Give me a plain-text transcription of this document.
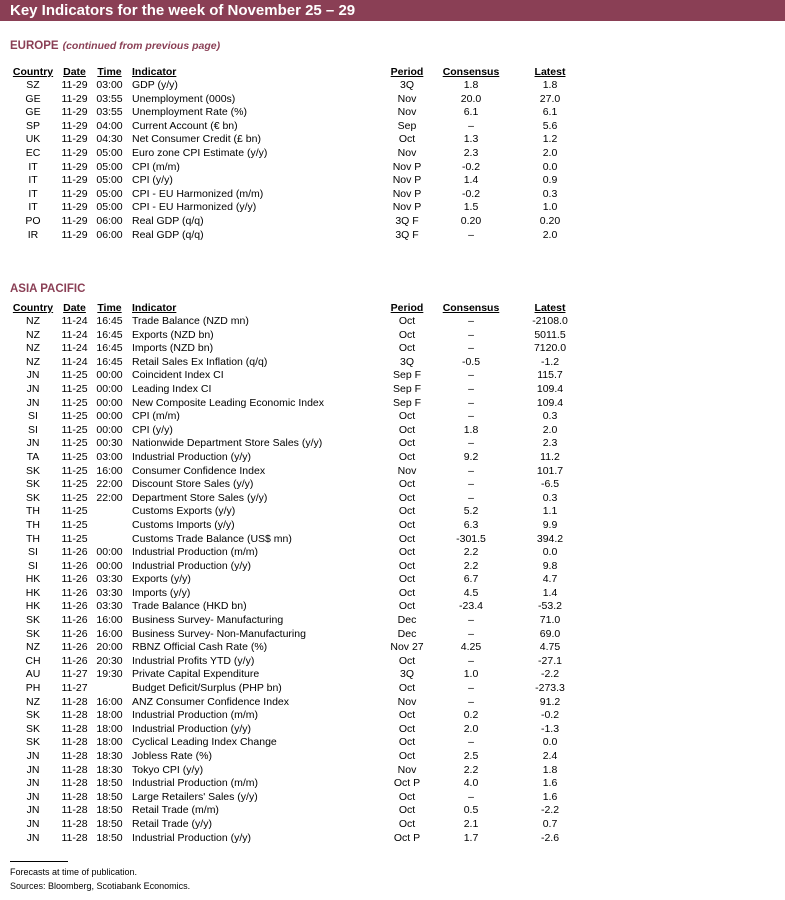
Key Indicators for the week of November 25 – 29
EUROPE (continued from previous page)
Country	Date	Time	Indicator	Period	Consensus	Latest
SZ	11-29	03:00	GDP (y/y)	3Q	1.8	1.8
GE	11-29	03:55	Unemployment (000s)	Nov	20.0	27.0
GE	11-29	03:55	Unemployment Rate (%)	Nov	6.1	6.1
SP	11-29	04:00	Current Account (€ bn)	Sep	–	5.6
UK	11-29	04:30	Net Consumer Credit (£ bn)	Oct	1.3	1.2
EC	11-29	05:00	Euro zone CPI Estimate (y/y)	Nov	2.3	2.0
IT	11-29	05:00	CPI (m/m)	Nov P	-0.2	0.0
IT	11-29	05:00	CPI (y/y)	Nov P	1.4	0.9
IT	11-29	05:00	CPI - EU Harmonized (m/m)	Nov P	-0.2	0.3
IT	11-29	05:00	CPI - EU Harmonized (y/y)	Nov P	1.5	1.0
PO	11-29	06:00	Real GDP (q/q)	3Q F	0.20	0.20
IR	11-29	06:00	Real GDP (q/q)	3Q F	–	2.0
ASIA PACIFIC
Country	Date	Time	Indicator	Period	Consensus	Latest
NZ	11-24	16:45	Trade Balance (NZD mn)	Oct	–	-2108.0
NZ	11-24	16:45	Exports (NZD bn)	Oct	–	5011.5
NZ	11-24	16:45	Imports (NZD bn)	Oct	–	7120.0
NZ	11-24	16:45	Retail Sales Ex Inflation (q/q)	3Q	-0.5	-1.2
JN	11-25	00:00	Coincident Index CI	Sep F	–	115.7
JN	11-25	00:00	Leading Index CI	Sep F	–	109.4
JN	11-25	00:00	New Composite Leading Economic Index	Sep F	–	109.4
SI	11-25	00:00	CPI (m/m)	Oct	–	0.3
SI	11-25	00:00	CPI (y/y)	Oct	1.8	2.0
JN	11-25	00:30	Nationwide Department Store Sales (y/y)	Oct	–	2.3
TA	11-25	03:00	Industrial Production (y/y)	Oct	9.2	11.2
SK	11-25	16:00	Consumer Confidence Index	Nov	–	101.7
SK	11-25	22:00	Discount Store Sales (y/y)	Oct	–	-6.5
SK	11-25	22:00	Department Store Sales (y/y)	Oct	–	0.3
TH	11-25		Customs Exports (y/y)	Oct	5.2	1.1
TH	11-25		Customs Imports (y/y)	Oct	6.3	9.9
TH	11-25		Customs Trade Balance (US$ mn)	Oct	-301.5	394.2
SI	11-26	00:00	Industrial Production (m/m)	Oct	2.2	0.0
SI	11-26	00:00	Industrial Production (y/y)	Oct	2.2	9.8
HK	11-26	03:30	Exports (y/y)	Oct	6.7	4.7
HK	11-26	03:30	Imports (y/y)	Oct	4.5	1.4
HK	11-26	03:30	Trade Balance (HKD bn)	Oct	-23.4	-53.2
SK	11-26	16:00	Business Survey- Manufacturing	Dec	–	71.0
SK	11-26	16:00	Business Survey- Non-Manufacturing	Dec	–	69.0
NZ	11-26	20:00	RBNZ Official Cash Rate (%)	Nov 27	4.25	4.75
CH	11-26	20:30	Industrial Profits YTD (y/y)	Oct	–	-27.1
AU	11-27	19:30	Private Capital Expenditure	3Q	1.0	-2.2
PH	11-27		Budget Deficit/Surplus (PHP bn)	Oct	–	-273.3
NZ	11-28	16:00	ANZ Consumer Confidence Index	Nov	–	91.2
SK	11-28	18:00	Industrial Production (m/m)	Oct	0.2	-0.2
SK	11-28	18:00	Industrial Production (y/y)	Oct	2.0	-1.3
SK	11-28	18:00	Cyclical Leading Index Change	Oct	–	0.0
JN	11-28	18:30	Jobless Rate (%)	Oct	2.5	2.4
JN	11-28	18:30	Tokyo CPI (y/y)	Nov	2.2	1.8
JN	11-28	18:50	Industrial Production (m/m)	Oct P	4.0	1.6
JN	11-28	18:50	Large Retailers' Sales (y/y)	Oct	–	1.6
JN	11-28	18:50	Retail Trade (m/m)	Oct	0.5	-2.2
JN	11-28	18:50	Retail Trade (y/y)	Oct	2.1	0.7
JN	11-28	18:50	Industrial Production (y/y)	Oct P	1.7	-2.6
Forecasts at time of publication.
Sources: Bloomberg, Scotiabank Economics.
